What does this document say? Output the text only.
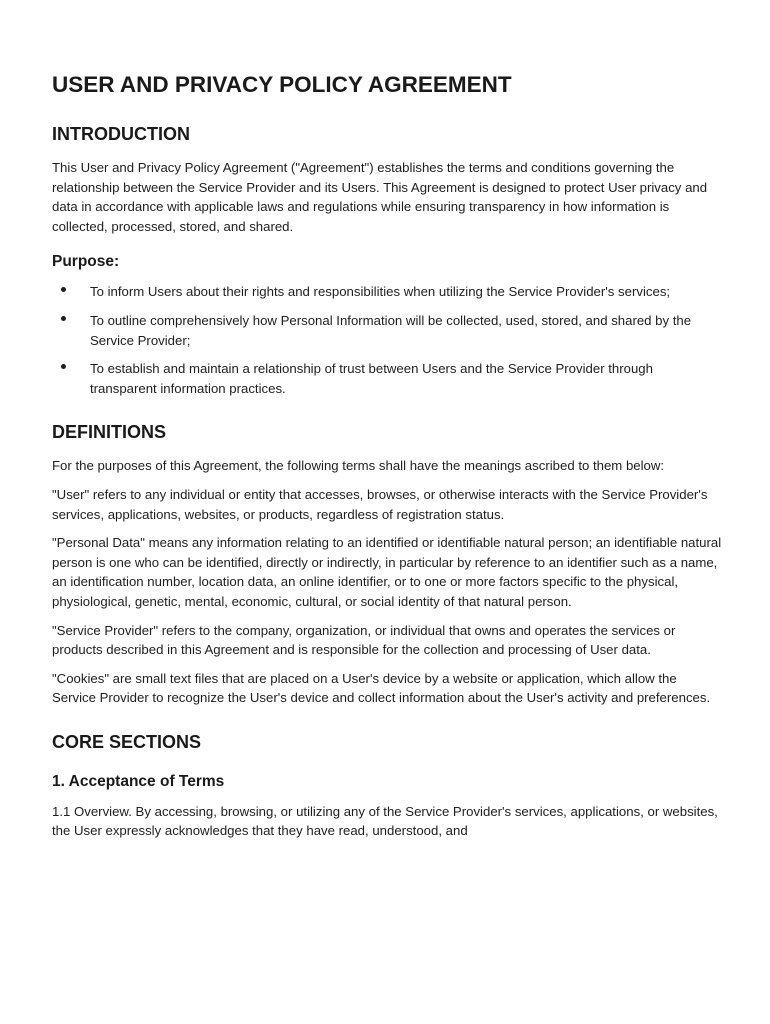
USER AND PRIVACY POLICY AGREEMENT
INTRODUCTION

This User and Privacy Policy Agreement ("Agreement") establishes the terms and conditions governing the relationship between the Service Provider and its Users. This Agreement is designed to protect User privacy and data in accordance with applicable laws and regulations while ensuring transparency in how information is collected, processed, stored, and shared.

Purpose:
To inform Users about their rights and responsibilities when utilizing the Service Provider's services;
To outline comprehensively how Personal Information will be collected, used, stored, and shared by the Service Provider;
To establish and maintain a relationship of trust between Users and the Service Provider through transparent information practices.
DEFINITIONS

For the purposes of this Agreement, the following terms shall have the meanings ascribed to them below:

"User" refers to any individual or entity that accesses, browses, or otherwise interacts with the Service Provider's services, applications, websites, or products, regardless of registration status.

"Personal Data" means any information relating to an identified or identifiable natural person; an identifiable natural person is one who can be identified, directly or indirectly, in particular by reference to an identifier such as a name, an identification number, location data, an online identifier, or to one or more factors specific to the physical, physiological, genetic, mental, economic, cultural, or social identity of that natural person.

"Service Provider" refers to the company, organization, or individual that owns and operates the services or products described in this Agreement and is responsible for the collection and processing of User data.

"Cookies" are small text files that are placed on a User's device by a website or application, which allow the Service Provider to recognize the User's device and collect information about the User's activity and preferences.

CORE SECTIONS
1. Acceptance of Terms

1.1 Overview. By accessing, browsing, or utilizing any of the Service Provider's services, applications, or websites, the User expressly acknowledges that they have read, understood, and
